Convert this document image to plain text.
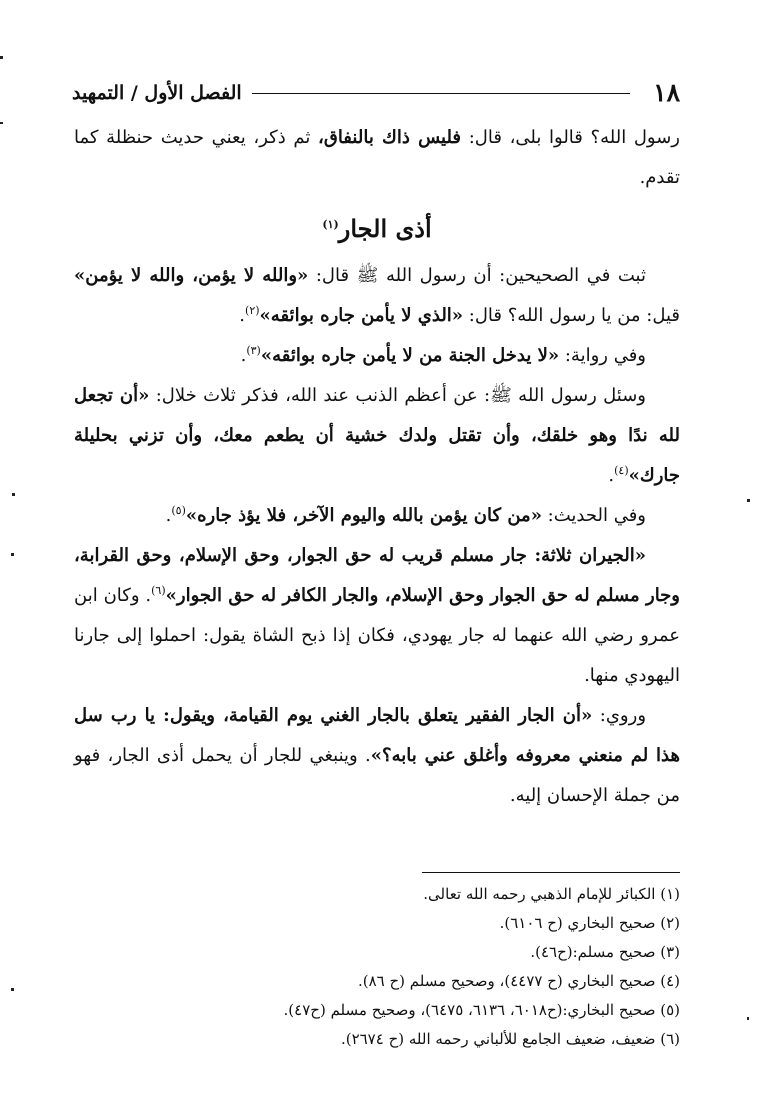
١٨
الفصل الأول / التمهيد

رسول الله؟ قالوا بلى، قال: فليس ذاك بالنفاق، ثم ذكر، يعني حديث حنظلة كما تقدم.

أذى الجار$^{(١)}$

ثبت في الصحيحين: أن رسول الله ﷺ قال: «والله لا يؤمن، والله لا يؤمن» قيل: من يا رسول الله؟ قال: «الذي لا يأمن جاره بوائقه»$^{(٢)}$.

وفي رواية: «لا يدخل الجنة من لا يأمن جاره بوائقه»$^{(٣)}$.

وسئل رسول الله ﷺ: عن أعظم الذنب عند الله، فذكر ثلاث خلال: «أن تجعل لله ندًا وهو خلقك، وأن تقتل ولدك خشية أن يطعم معك، وأن تزني بحليلة جارك»$^{(٤)}$.

وفي الحديث: «من كان يؤمن بالله واليوم الآخر، فلا يؤذ جاره»$^{(٥)}$.

«الجيران ثلاثة: جار مسلم قريب له حق الجوار، وحق الإسلام، وحق القرابة، وجار مسلم له حق الجوار وحق الإسلام، والجار الكافر له حق الجوار»$^{(٦)}$. وكان ابن عمرو رضي الله عنهما له جار يهودي، فكان إذا ذبح الشاة يقول: احملوا إلى جارنا اليهودي منها.

وروي: «أن الجار الفقير يتعلق بالجار الغني يوم القيامة، ويقول: يا رب سل هذا لم منعني معروفه وأغلق عني بابه؟». وينبغي للجار أن يحمل أذى الجار، فهو من جملة الإحسان إليه.

(١) الكبائر للإمام الذهبي رحمه الله تعالى.
(٢) صحيح البخاري (ح ٦١٠٦).
(٣) صحيح مسلم:(ح٤٦).
(٤) صحيح البخاري (ح ٤٤٧٧)، وصحيح مسلم (ح ٨٦).
(٥) صحيح البخاري:(ح٦٠١٨، ٦١٣٦، ٦٤٧٥)، وصحيح مسلم (ح٤٧).
(٦) ضعيف، ضعيف الجامع للألباني رحمه الله (ح ٢٦٧٤).
